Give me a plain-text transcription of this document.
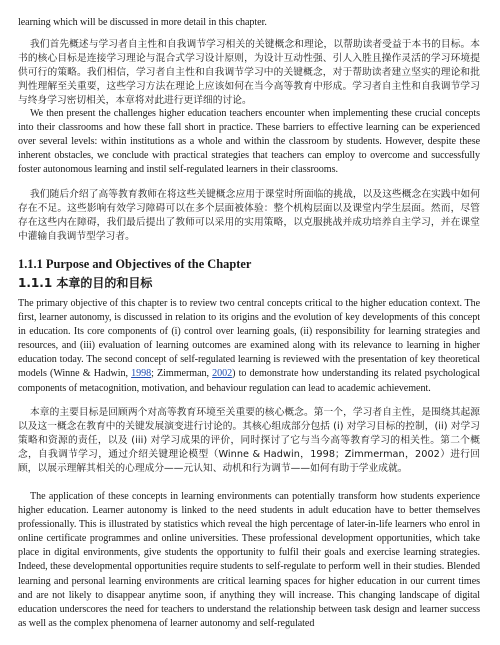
learning which will be discussed in more detail in this chapter.

我们首先概述与学习者自主性和自我调节学习相关的关键概念和理论，以帮助读者受益于本书的目标。本书的核心目标是连接学习理论与混合式学习设计原则，为设计互动性强、引人入胜且操作灵活的学习环境提供可行的策略。我们相信，学习者自主性和自我调节学习中的关键概念，对于帮助读者建立坚实的理论和批判性理解至关重要，这些学习方法在理论上应该如何在当今高等教育中形成。学习者自主性和自我调节学习与终身学习密切相关，本章将对此进行更详细的讨论。

We then present the challenges higher education teachers encounter when implementing these crucial concepts into their classrooms and how these fall short in practice. These barriers to effective learning can be experienced over several levels: within institutions as a whole and within the classroom by students. However, despite these inherent obstacles, we conclude with practical strategies that teachers can employ to overcome and successfully foster autonomous learning and instil self-regulated learners in their classrooms.

我们随后介绍了高等教育教师在将这些关键概念应用于课堂时所面临的挑战，以及这些概念在实践中如何存在不足。这些影响有效学习障碍可以在多个层面被体验：整个机构层面以及课堂内学生层面。然而，尽管存在这些内在障碍，我们最后提出了教师可以采用的实用策略，以克服挑战并成功培养自主学习，并在课堂中灌输自我调节型学习者。

1.1.1 Purpose and Objectives of the Chapter
1.1.1 本章的目的和目标

The primary objective of this chapter is to review two central concepts critical to the higher education context. The first, learner autonomy, is discussed in relation to its origins and the evolution of key developments of this concept in education. Its core components of (i) control over learning goals, (ii) responsibility for learning strategies and resources, and (iii) evaluation of learning outcomes are examined along with its relevance to learning in higher education today. The second concept of self-regulated learning is reviewed with the presentation of key theoretical models (Winne & Hadwin, 1998; Zimmerman, 2002) to demonstrate how understanding its related psychological components of metacognition, motivation, and behaviour regulation can lead to academic achievement.

本章的主要目标是回顾两个对高等教育环境至关重要的核心概念。第一个，学习者自主性，是围绕其起源以及这一概念在教育中的关键发展演变进行讨论的。其核心组成部分包括 (i) 对学习目标的控制，(ii) 对学习策略和资源的责任，以及 (iii) 对学习成果的评价，同时探讨了它与当今高等教育学习的相关性。第二个概念，自我调节学习，通过介绍关键理论模型（Winne & Hadwin，1998；Zimmerman，2002）进行回顾，以展示理解其相关的心理成分——元认知、动机和行为调节——如何有助于学业成就。

The application of these concepts in learning environments can potentially transform how students experience higher education. Learner autonomy is linked to the need students in adult education have to better themselves professionally. This is illustrated by statistics which reveal the high percentage of later-in-life learners who enrol in online certificate programmes and online universities. These professional development opportunities, which take place in digital environments, give students the opportunity to fulfil their goals and exercise learning strategies. Indeed, these developmental opportunities require students to self-regulate to perform well in their studies. Blended learning and personal learning environments are critical learning spaces for higher education in our current times and are not likely to disappear anytime soon, if anything they will increase. This changing landscape of digital education underscores the need for teachers to understand the relationship between task design and learner success as well as the complex phenomena of learner autonomy and self-regulated
